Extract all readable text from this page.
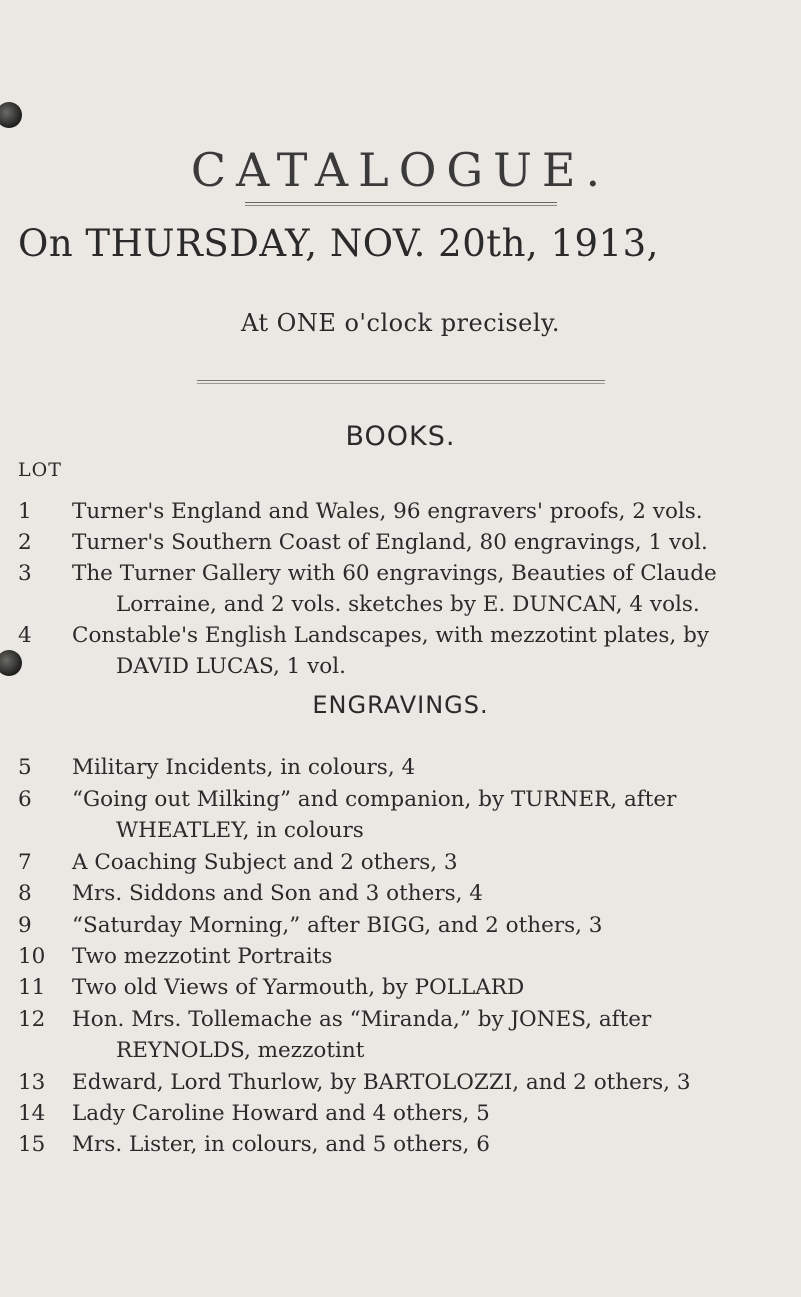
CATALOGUE.
On THURSDAY, NOV. 20th, 1913,
At ONE o'clock precisely.
BOOKS.
LOT
1	Turner's England and Wales, 96 engravers' proofs, 2 vols.
2	Turner's Southern Coast of England, 80 engravings, 1 vol.
3	The Turner Gallery with 60 engravings, Beauties of Claude
Lorraine, and 2 vols. sketches by E. DUNCAN, 4 vols.
4	Constable's English Landscapes, with mezzotint plates, by
DAVID LUCAS, 1 vol.
ENGRAVINGS.
5	Military Incidents, in colours, 4
6	“Going out Milking” and companion, by TURNER, after
WHEATLEY, in colours
7	A Coaching Subject and 2 others, 3
8	Mrs. Siddons and Son and 3 others, 4
9	“Saturday Morning,” after BIGG, and 2 others, 3
10	Two mezzotint Portraits
11	Two old Views of Yarmouth, by POLLARD
12	Hon. Mrs. Tollemache as “Miranda,” by JONES, after
REYNOLDS, mezzotint
13	Edward, Lord Thurlow, by BARTOLOZZI, and 2 others, 3
14	Lady Caroline Howard and 4 others, 5
15	Mrs. Lister, in colours, and 5 others, 6
